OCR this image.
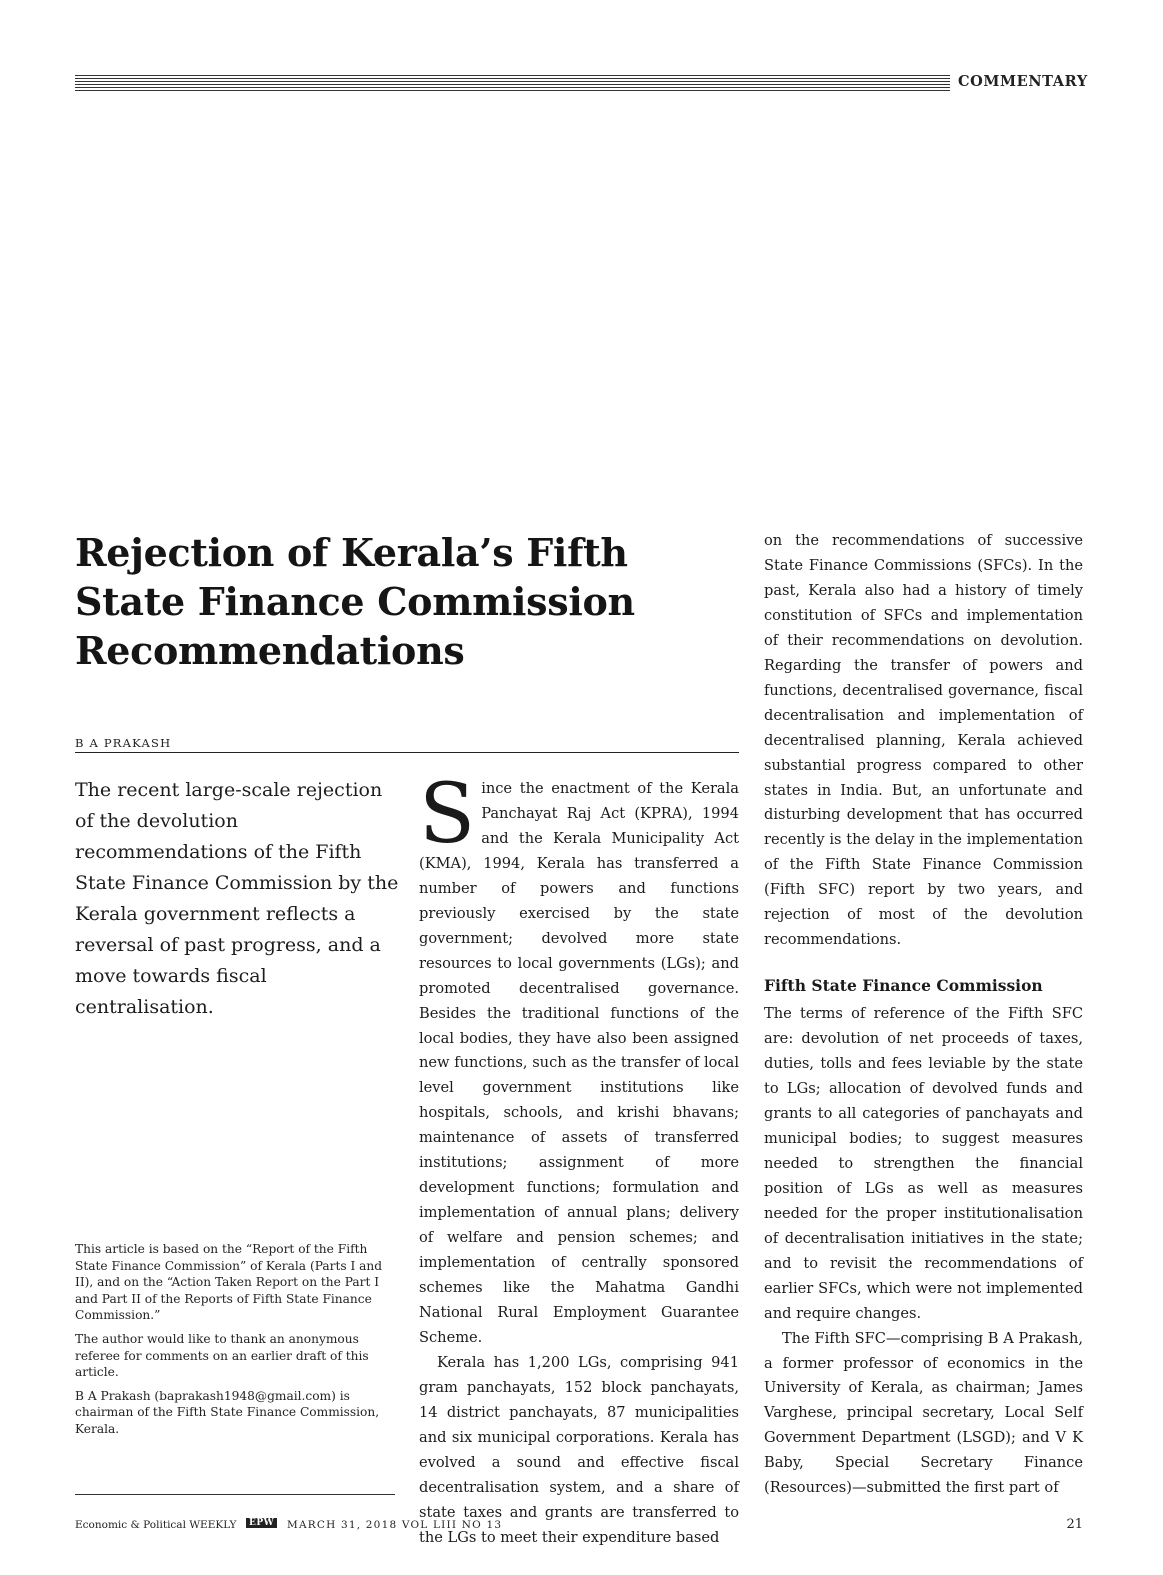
COMMENTARY
Rejection of Kerala’s Fifth State Finance Commission Recommendations
B A PRAKASH
The recent large-scale rejection of the devolution recommendations of the Fifth State Finance Commission by the Kerala government reflects a reversal of past progress, and a move towards fiscal centralisation.

This article is based on the “Report of the Fifth State Finance Commission” of Kerala (Parts I and II), and on the “Action Taken Report on the Part I and Part II of the Reports of Fifth State Finance Commission.”

The author would like to thank an anonymous referee for comments on an earlier draft of this article.

B A Prakash (baprakash1948@gmail.com) is chairman of the Fifth State Finance Commission, Kerala.

Since the enactment of the Kerala Panchayat Raj Act (KPRA), 1994 and the Kerala Municipality Act (KMA), 1994, Kerala has transferred a number of powers and functions previously exercised by the state government; devolved more state resources to local governments (LGs); and promoted decentralised governance. Besides the traditional functions of the local bodies, they have also been assigned new functions, such as the transfer of local level government institutions like hospitals, schools, and krishi bhavans; maintenance of assets of transferred institutions; assignment of more development functions; formulation and implementation of annual plans; delivery of welfare and pension schemes; and implementation of centrally sponsored schemes like the Mahatma Gandhi National Rural Employment Guarantee Scheme.

Kerala has 1,200 LGs, comprising 941 gram panchayats, 152 block panchayats, 14 district panchayats, 87 municipalities and six municipal corporations. Kerala has evolved a sound and effective fiscal decentralisation system, and a share of state taxes and grants are transferred to the LGs to meet their expenditure based

on the recommendations of successive State Finance Commissions (SFCs). In the past, Kerala also had a history of timely constitution of SFCs and implementation of their recommendations on devolution. Regarding the transfer of powers and functions, decentralised governance, fiscal decentralisation and implementation of decentralised planning, Kerala achieved substantial progress compared to other states in India. But, an unfortunate and disturbing development that has occurred recently is the delay in the implementation of the Fifth State Finance Commission (Fifth SFC) report by two years, and rejection of most of the devolution recommendations.

Fifth State Finance Commission

The terms of reference of the Fifth SFC are: devolution of net proceeds of taxes, duties, tolls and fees leviable by the state to LGs; allocation of devolved funds and grants to all categories of panchayats and municipal bodies; to suggest measures needed to strengthen the financial position of LGs as well as measures needed for the proper institutionalisation of decentralisation initiatives in the state; and to revisit the recommendations of earlier SFCs, which were not implemented and require changes.

The Fifth SFC—comprising B A Prakash, a former professor of economics in the University of Kerala, as chairman; James Varghese, principal secretary, Local Self Government Department (LSGD); and V K Baby, Special Secretary Finance (Resources)—submitted the first part of

Economic & Political WEEKLY	EPW MARCH 31, 2018 VOL LIII NO 13	21
